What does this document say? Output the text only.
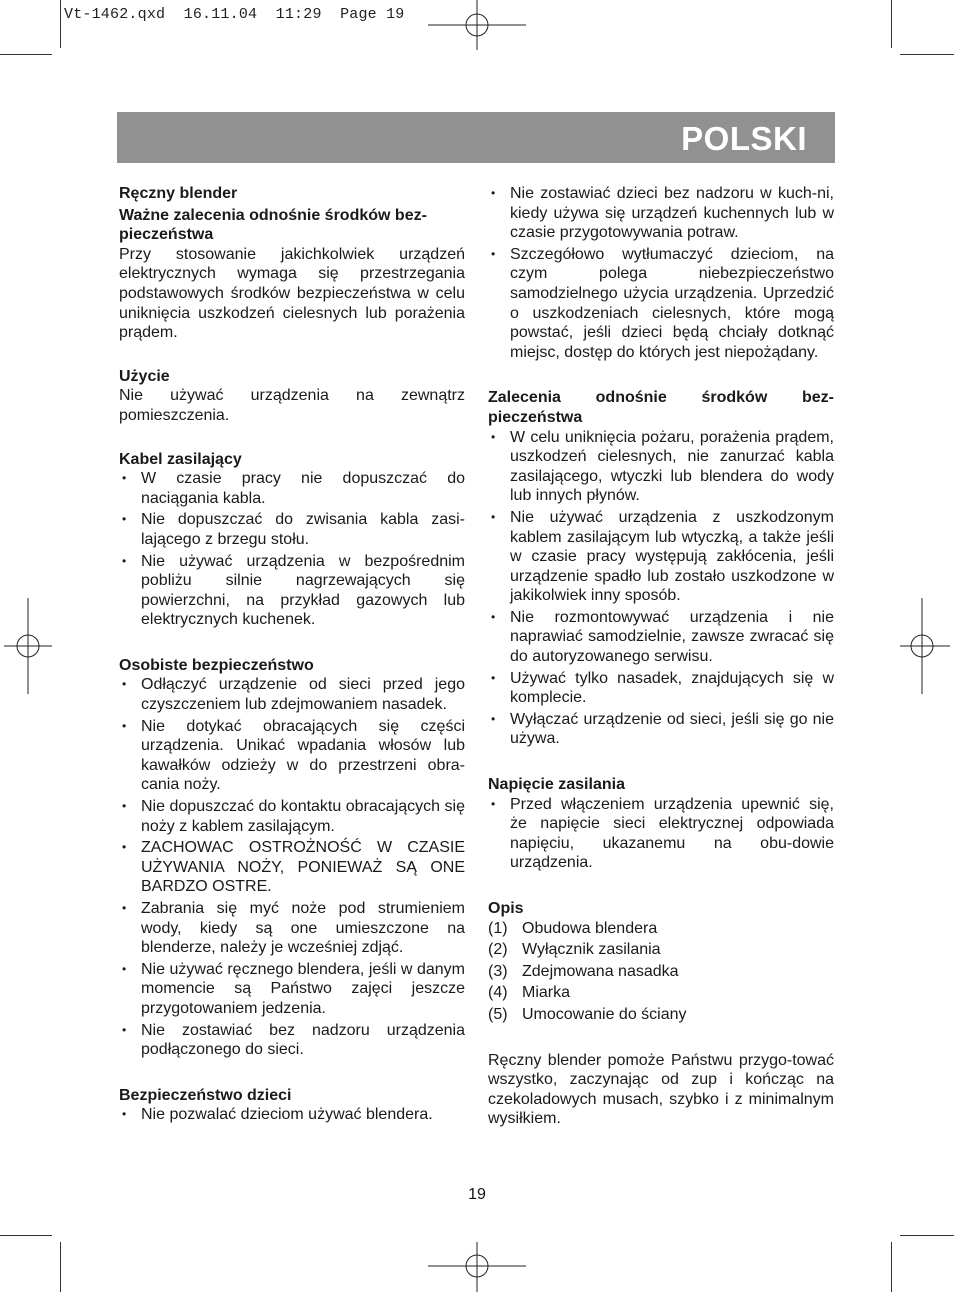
Vt-1462.qxd 16.11.04 11:29 Page 19
POLSKI

Ręczny blender

Ważne zalecenia odnośnie środków bez-pieczeństwa

Przy stosowanie jakichkolwiek urządzeń elektrycznych wymaga się przestrzegania podstawowych środków bezpieczeństwa w celu uniknięcia uszkodzeń cielesnych lub porażenia prądem.

Użycie

Nie używać urządzenia na zewnątrz pomieszczenia.

Kabel zasilający

• W czasie pracy nie dopuszczać do naciągania kabla.
• Nie dopuszczać do zwisania kabla zasi-lającego z brzegu stołu.
• Nie używać urządzenia w bezpośrednim pobliżu silnie nagrzewających się powierzchni, na przykład gazowych lub elektrycznych kuchenek.

Osobiste bezpieczeństwo

• Odłączyć urządzenie od sieci przed jego czyszczeniem lub zdejmowaniem nasadek.
• Nie dotykać obracających się części urządzenia. Unikać wpadania włosów lub kawałków odzieży w do przestrzeni obra-cania noży.
• Nie dopuszczać do kontaktu obracających się noży z kablem zasilającym.
• ZACHOWAC OSTROŻNOŚĆ W CZASIE UŻYWANIA NOŻY, PONIEWAŻ SĄ ONE BARDZO OSTRE.
• Zabrania się myć noże pod strumieniem wody, kiedy są one umieszczone na blenderze, należy je wcześniej zdjąć.
• Nie używać ręcznego blendera, jeśli w danym momencie są Państwo zajęci jeszcze przygotowaniem jedzenia.
• Nie zostawiać bez nadzoru urządzenia podłączonego do sieci.

Bezpieczeństwo dzieci

• Nie pozwalać dzieciom używać blendera.
• Nie zostawiać dzieci bez nadzoru w kuch-ni, kiedy używa się urządzeń kuchennych lub w czasie przygotowywania potraw.
• Szczegółowo wytłumaczyć dzieciom, na czym polega niebezpieczeństwo samodzielnego użycia urządzenia. Uprzedzić o uszkodzeniach cielesnych, które mogą powstać, jeśli dzieci będą chciały dotknąć miejsc, dostęp do których jest niepożądany.

Zalecenia odnośnie środków bez-pieczeństwa

• W celu uniknięcia pożaru, porażenia prądem, uszkodzeń cielesnych, nie zanurzać kabla zasilającego, wtyczki lub blendera do wody lub innych płynów.
• Nie używać urządzenia z uszkodzonym kablem zasilającym lub wtyczką, a także jeśli w czasie pracy występują zakłócenia, jeśli urządzenie spadło lub zostało uszkodzone w jakikolwiek inny sposób.
• Nie rozmontowywać urządzenia i nie naprawiać samodzielnie, zawsze zwracać się do autoryzowanego serwisu.
• Używać tylko nasadek, znajdujących się w komplecie.
• Wyłączać urządzenie od sieci, jeśli się go nie używa.

Napięcie zasilania

• Przed włączeniem urządzenia upewnić się, że napięcie sieci elektrycznej odpowiada napięciu, ukazanemu na obu-dowie urządzenia.

Opis

(1) Obudowa blendera
(2) Wyłącznik zasilania
(3) Zdejmowana nasadka
(4) Miarka
(5) Umocowanie do ściany

Ręczny blender pomoże Państwu przygo-tować wszystko, zaczynając od zup i kończąc na czekoladowych musach, szybko i z minimalnym wysiłkiem.

19
